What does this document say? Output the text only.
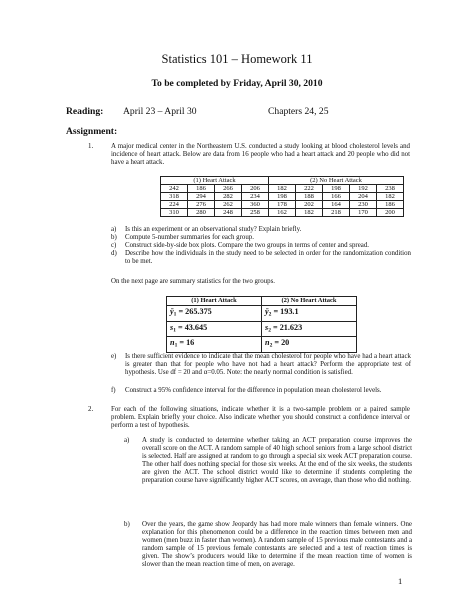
Statistics 101 – Homework 11
To be completed by Friday, April 30, 2010
Reading: April 23 – April 30	Chapters 24, 25
Assignment:
1.	A major medical center in the Northeastern U.S. conducted a study looking at blood cholesterol levels and incidence of heart attack. Below are data from 16 people who had a heart attack and 20 people who did not have a heart attack.
(1) Heart Attack				(2) No Heart Attack				
242	186	266	206	182	222	198	192	238
318	294	282	234	198	188	166	204	182
224	276	262	360	178	202	164	230	186
310	280	248	258	162	182	218	170	200
a) Is this an experiment or an observational study? Explain briefly.
b) Compute 5-number summaries for each group.
c) Construct side-by-side box plots. Compare the two groups in terms of center and spread.
d) Describe how the individuals in the study need to be selected in order for the randomization condition to be met.
On the next page are summary statistics for the two groups.
(1) Heart Attack	(2) No Heart Attack
$ȳ_1 = 265.375$	$ȳ_2 = 193.1$
$s_1 = 43.645$	$s_2 = 21.623$
$n_1 = 16$	$n_2 = 20$
e) Is there sufficient evidence to indicate that the mean cholesterol for people who have had a heart attack is greater than that for people who have not had a heart attack? Perform the appropriate test of hypothesis. Use df = 20 and α=0.05. Note: the nearly normal condition is satisfied.
f) Construct a 95% confidence interval for the difference in population mean cholesterol levels.
2.	For each of the following situations, indicate whether it is a two-sample problem or a paired sample problem. Explain briefly your choice. Also indicate whether you should construct a confidence interval or perform a test of hypothesis.
a) A study is conducted to determine whether taking an ACT preparation course improves the overall score on the ACT. A random sample of 40 high school seniors from a large school district is selected. Half are assigned at random to go through a special six week ACT preparation course. The other half does nothing special for those six weeks. At the end of the six weeks, the students are given the ACT. The school district would like to determine if students completing the preparation course have significantly higher ACT scores, on average, than those who did nothing.
b) Over the years, the game show Jeopardy has had more male winners than female winners. One explanation for this phenomenon could be a difference in the reaction times between men and women (men buzz in faster than women). A random sample of 15 previous male contestants and a random sample of 15 previous female contestants are selected and a test of reaction times is given. The show’s producers would like to determine if the mean reaction time of women is slower than the mean reaction time of men, on average.
1
